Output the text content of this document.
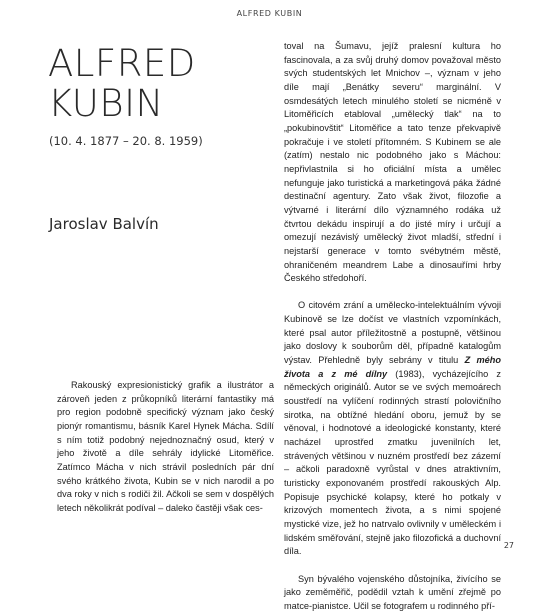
ALFRED KUBIN
ALFRED
KUBIN
(10. 4. 1877 – 20. 8. 1959)
Jaroslav Balvín

Rakouský expresionistický grafik a ilustrátor a zároveň jeden z průkopníků literární fantastiky má pro region podobně specifický význam jako český pionýr romantismu, básník Karel Hynek Mácha. Sdílí s ním totiž podobný nejednoznačný osud, který v jeho životě a díle sehrály idylické Litoměřice. Zatímco Mácha v nich strávil posledních pár dní svého krátkého života, Kubin se v nich narodil a po dva roky v nich s rodiči žil. Ačkoli se sem v dospělých letech několikrát podíval – daleko častěji však ces-

toval na Šumavu, jejíž pralesní kultura ho fascinovala, a za svůj druhý domov považoval město svých studentských let Mnichov –, význam v jeho díle mají „Benátky severu“ marginální. V osmdesátých letech minulého století se nicméně v Litoměřicích etabloval „umělecký tlak“ na to „pokubinovštit“ Litoměřice a tato tenze překvapivě pokračuje i ve století přítomném. S Kubinem se ale (zatím) nestalo nic podobného jako s Máchou: nepřivlastnila si ho oficiální místa a umělec nefunguje jako turistická a marketingová páka žádné destinační agentury. Zato však život, filozofie a výtvarné i literární dílo významného rodáka už čtvrtou dekádu inspirují a do jisté míry i určují a omezují nezávislý umělecký život mladší, střední i nejstarší generace v tomto svébytném městě, ohraničeném meandrem Labe a dinosauřími hrby Českého středohoří.

O citovém zrání a umělecko-intelektuálním vývoji Kubinově se lze dočíst ve vlastních vzpomínkách, které psal autor příležitostně a postupně, většinou jako doslovy k souborům děl, případně katalogům výstav. Přehledně byly sebrány v titulu Z mého života a z mé dílny (1983), vycházejícího z německých originálů. Autor se ve svých memoárech soustředí na vylíčení rodinných strastí polovičního sirotka, na obtížné hledání oboru, jemuž by se věnoval, i hodnotové a ideologické konstanty, které nacházel uprostřed zmatku juvenilních let, strávených většinou v nuzném prostředí bez zázemí – ačkoli paradoxně vyrůstal v dnes atraktivním, turisticky exponovaném prostředí rakouských Alp. Popisuje psychické kolapsy, které ho potkaly v krizových momentech života, a s nimi spojené mystické vize, jež ho natrvalo ovlivnily v uměleckém i lidském směřování, stejně jako filozofická a duchovní díla.

Syn bývalého vojenského důstojníka, živícího se jako zeměměřič, podědil vztah k umění zřejmě po matce-pianistce. Učil se fotografem u rodinného pří-

27
